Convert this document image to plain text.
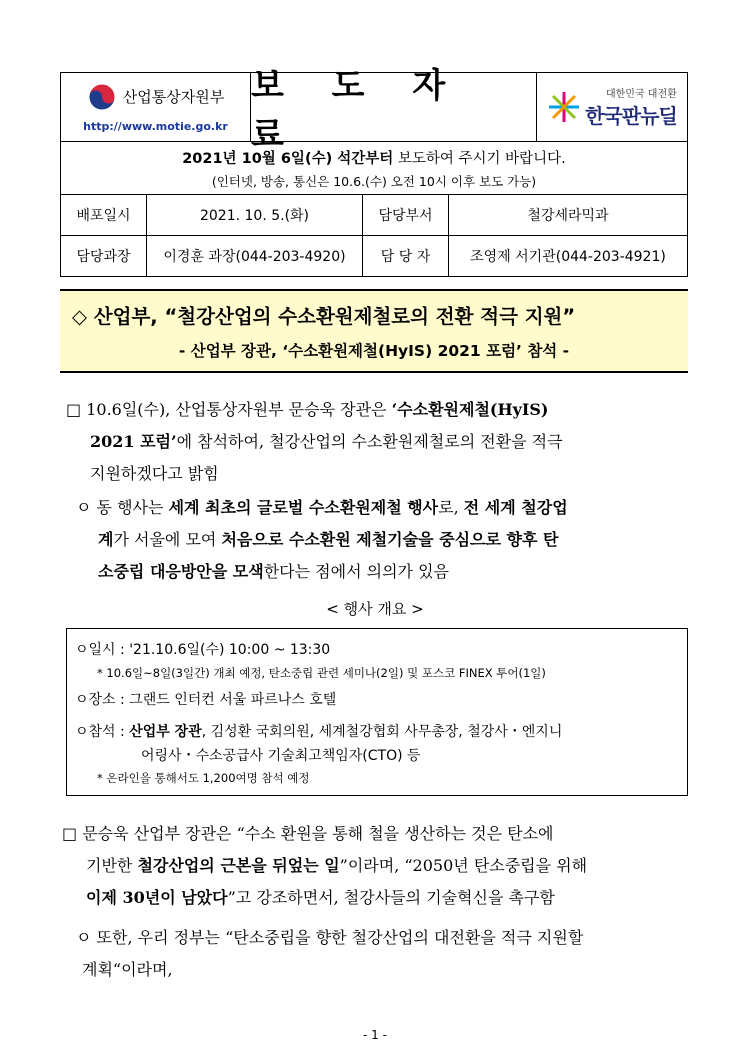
산업통상자원부
http://www.motie.go.kr
보 도 자 료
대한민국 대전환
한국판뉴딜
2021년 10월 6일(수) 석간부터 보도하여 주시기 바랍니다.
(인터넷, 방송, 통신은 10.6.(수) 오전 10시 이후 보도 가능)
배포일시	2021. 10. 5.(화)	담당부서	철강세라믹과
담당과장	이경훈 과장(044-203-4920)	담 당 자	조영제 서기관(044-203-4921)
◇ 산업부, “철강산업의 수소환원제철로의 전환 적극 지원”
- 산업부 장관, ‘수소환원제철(HyIS) 2021 포럼’ 참석 -
□ 10.6일(수), 산업통상자원부 문승욱 장관은 ‘수소환원제철(HyIS)
2021 포럼’에 참석하여, 철강산업의 수소환원제철로의 전환을 적극
지원하겠다고 밝힘
ㅇ 동 행사는 세계 최초의 글로벌 수소환원제철 행사로, 전 세계 철강업
계가 서울에 모여 처음으로 수소환원 제철기술을 중심으로 향후 탄
소중립 대응방안을 모색한다는 점에서 의의가 있음
< 행사 개요 >
ㅇ일시 : '21.10.6일(수) 10:00 ~ 13:30
* 10.6일~8일(3일간) 개최 예정, 탄소중립 관련 세미나(2일) 및 포스코 FINEX 투어(1일)
ㅇ장소 : 그랜드 인터컨 서울 파르나스 호텔
ㅇ참석 : 산업부 장관, 김성환 국회의원, 세계철강협회 사무총장, 철강사・엔지니
어링사・수소공급사 기술최고책임자(CTO) 등
* 온라인을 통해서도 1,200여명 참석 예정
□ 문승욱 산업부 장관은 “수소 환원을 통해 철을 생산하는 것은 탄소에
기반한 철강산업의 근본을 뒤엎는 일”이라며, “2050년 탄소중립을 위해
이제 30년이 남았다”고 강조하면서, 철강사들의 기술혁신을 촉구함
ㅇ 또한, 우리 정부는 “탄소중립을 향한 철강산업의 대전환을 적극 지원할
계획“이라며,
- 1 -
